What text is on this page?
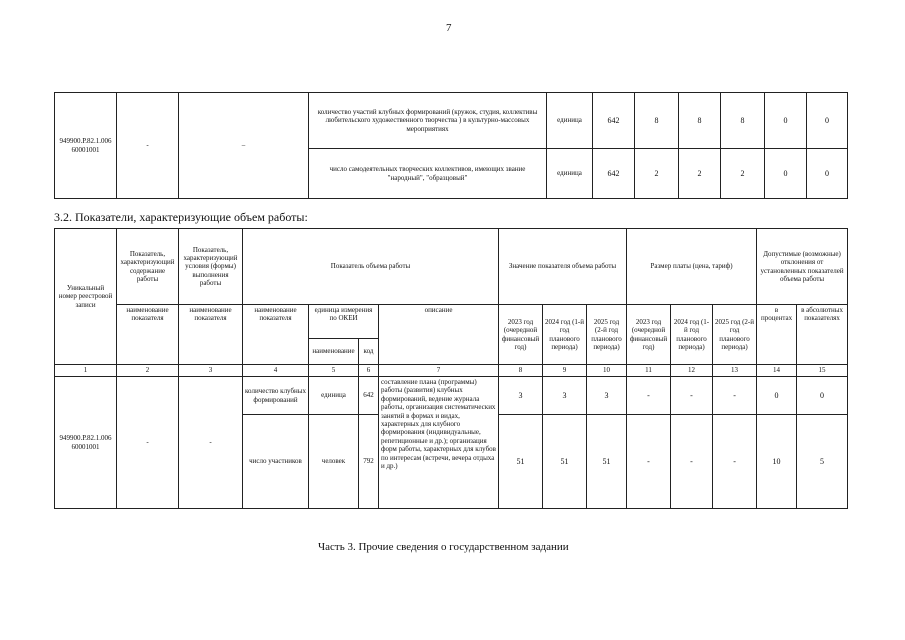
7
949900.Р.82.1.006 60001001	-	–	количество участий клубных формирований (кружок, студия, коллективы любительского художественного творчества ) в культурно-массовых мероприятиях	единица	642	8	8	8	0	0
			число самодеятельных творческих коллективов, имеющих звание "народный", "образцовый"	единица	642	2	2	2	0	0
3.2. Показатели, характеризующие объем работы:
Уникальный номер реестровой записи	Показатель, характеризующий содержание работы	Показатель, характеризующий условия (формы) выполнения работы	Показатель объема работы				Значение показателя объема работы			Размер платы (цена, тариф)			Допустимые (возможные) отклонения от установленных показателей объема работы	
	наименование показателя	наименование показателя	наименование показателя	единица измерения по ОКЕИ		описание	2023 год (очередной финансовый год)	2024 год (1-й год планового периода)	2025 год (2-й год планового периода)	2023 год (очередной финансовый год)	2024 год (1-й год планового периода)	2025 год (2-й год планового периода)	в процентах	в абсолютных показателях
				наименование	код									
1	2	3	4	5	6	7	8	9	10	11	12	13	14	15
949900.Р.82.1.006 60001001	-	-	количество клубных формирований	единица	642	составление плана (программы) работы (развития) клубных формирований, ведение журнала работы, организация систематических занятий в формах и видах, характерных для клубного формирования (индивидуальные, репетиционные и др.); организация форм работы, характерных для клубов по интересам (встречи, вечера отдыха и др.)	3	3	3	-	-	-	0	0
			число участников	человек	792		51	51	51	-	-	-	10	5
Часть 3. Прочие сведения о государственном задании
